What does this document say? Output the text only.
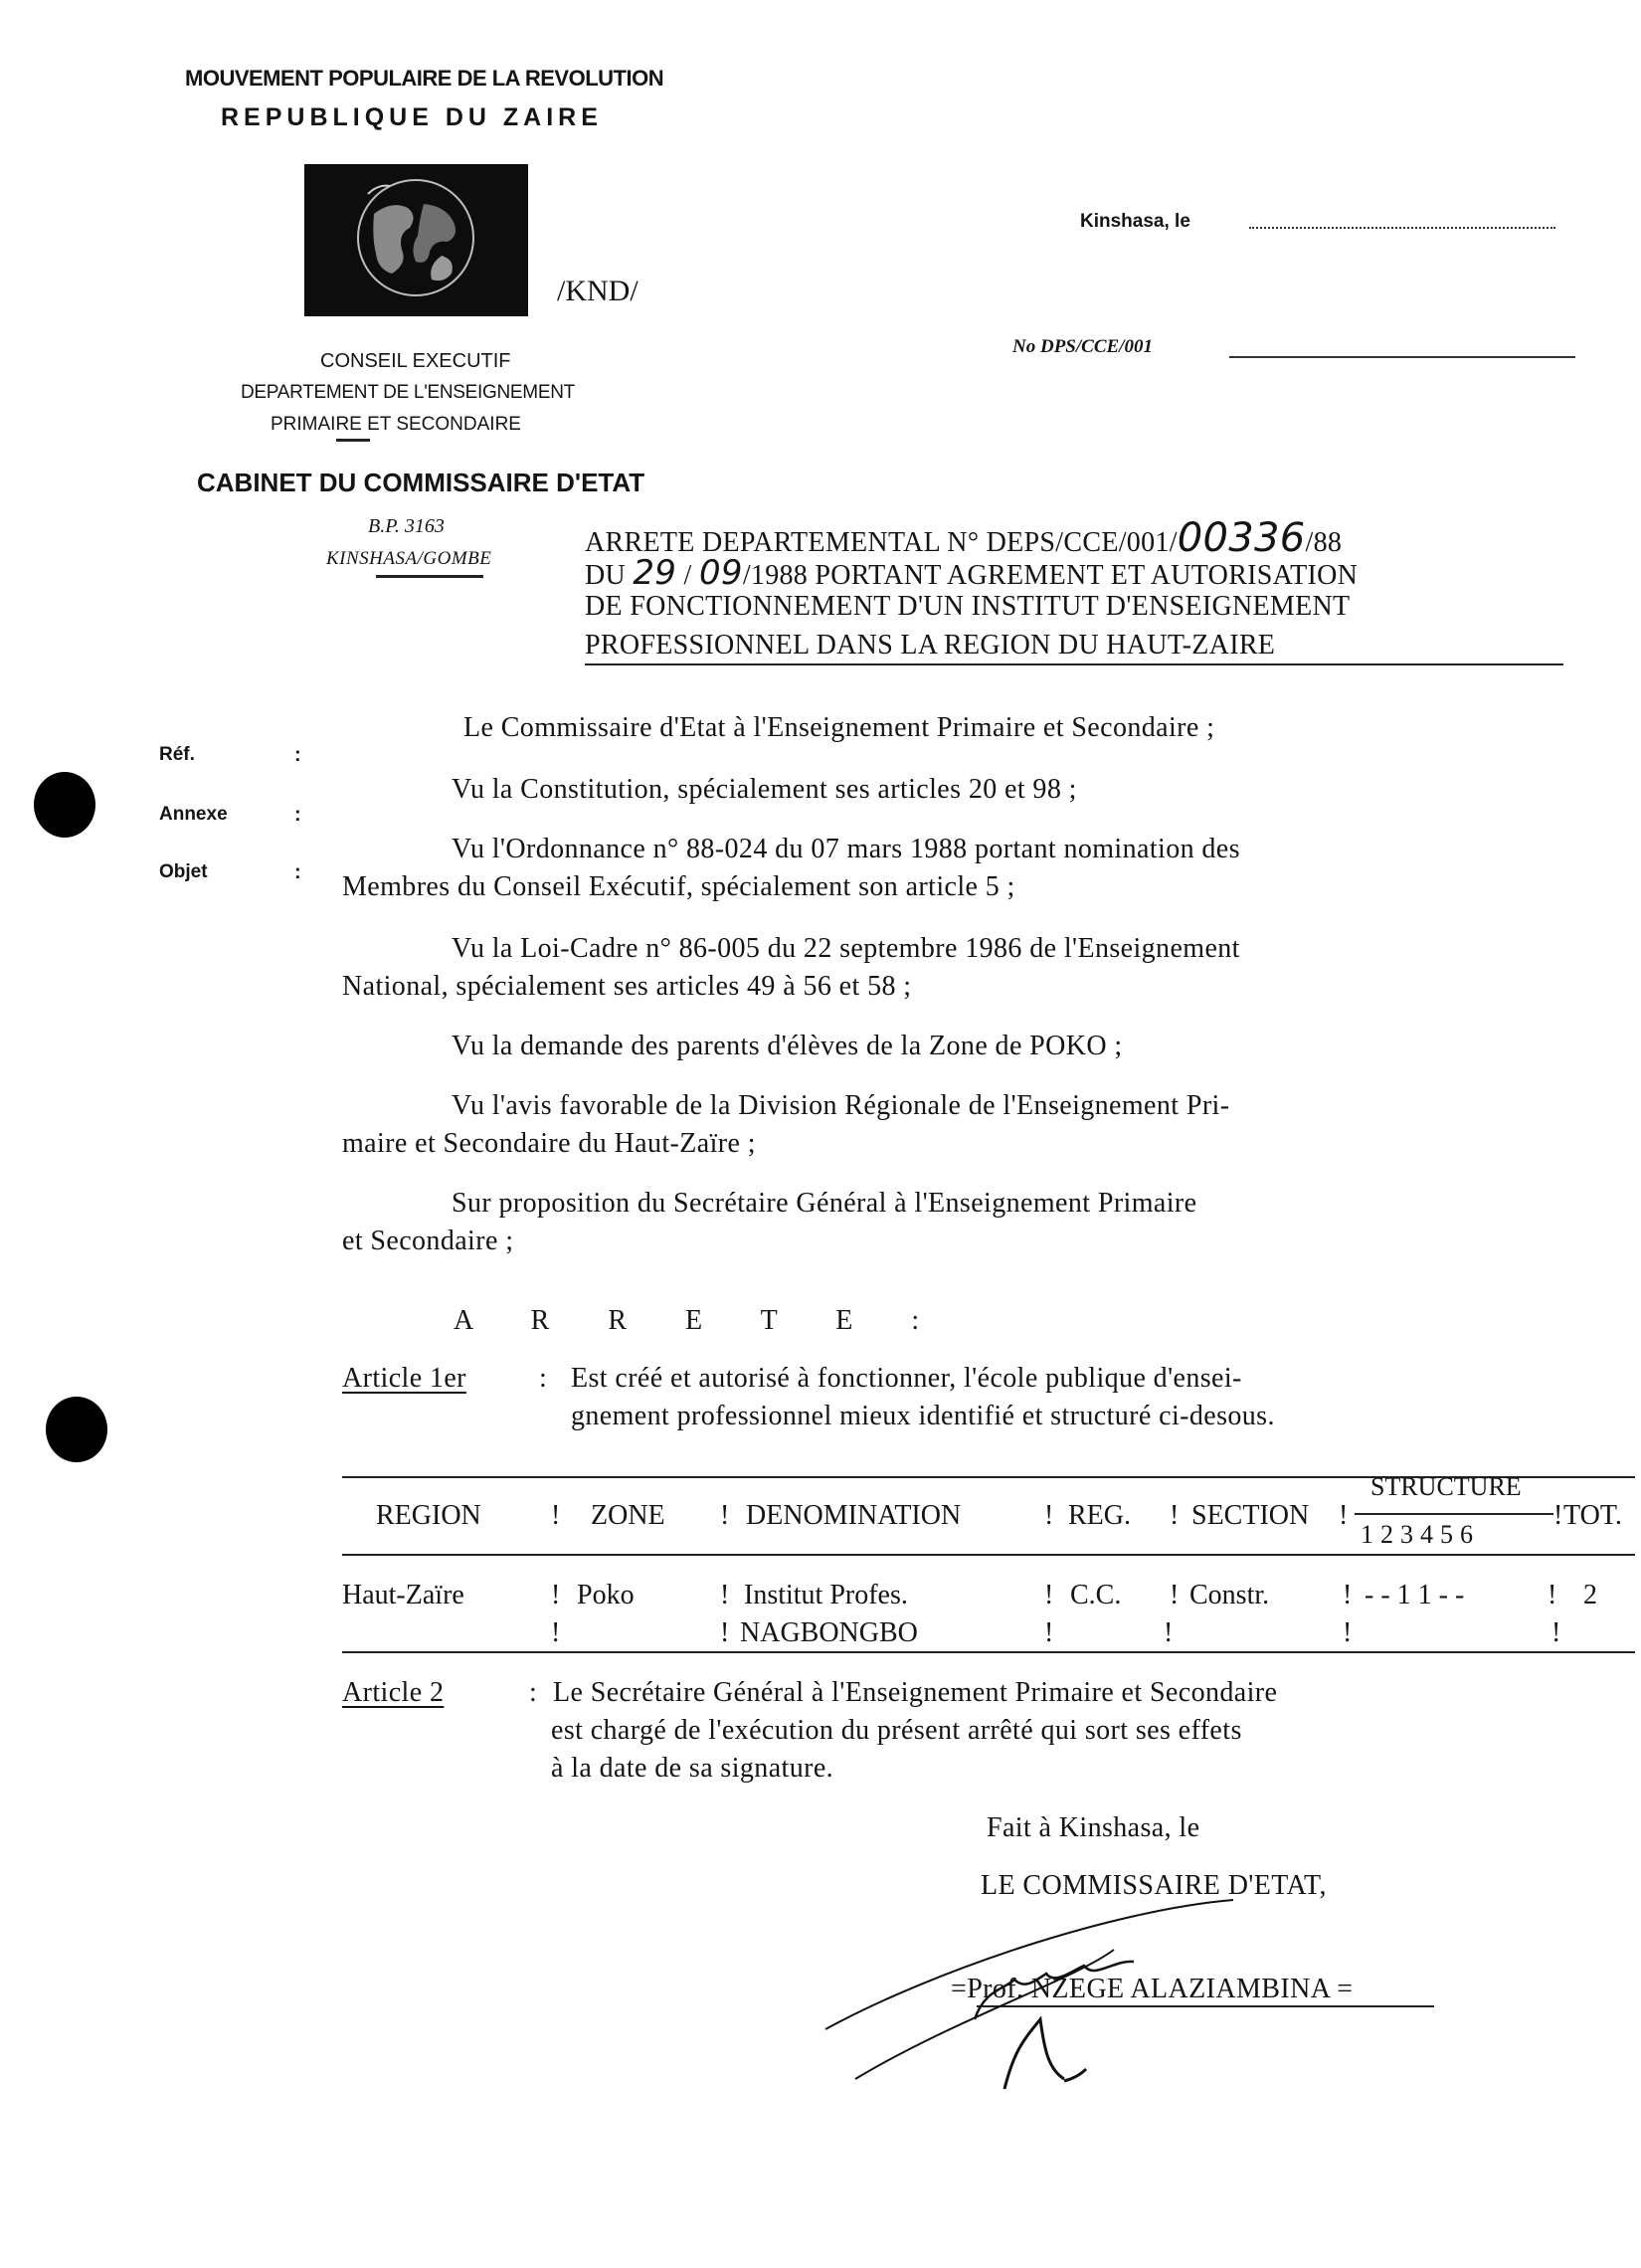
MOUVEMENT POPULAIRE DE LA REVOLUTION
REPUBLIQUE DU ZAIRE
/KND/
CONSEIL EXECUTIF
DEPARTEMENT DE L'ENSEIGNEMENT
PRIMAIRE ET SECONDAIRE
CABINET DU COMMISSAIRE D'ETAT
B.P. 3163
KINSHASA/GOMBE
Kinshasa, le
No DPS/CCE/001
ARRETE DEPARTEMENTAL N° DEPS/CCE/001/00336/88
DU 29 / 09/1988 PORTANT AGREMENT ET AUTORISATION
DE FONCTIONNEMENT D'UN INSTITUT D'ENSEIGNEMENT
PROFESSIONNEL DANS LA REGION DU HAUT-ZAIRE
Réf.
Annexe
Objet
:
:
:
Le Commissaire d'Etat à l'Enseignement Primaire et Secondaire ;
Vu la Constitution, spécialement ses articles 20 et 98 ;
Vu l'Ordonnance n° 88-024 du 07 mars 1988 portant nomination des
Membres du Conseil Exécutif, spécialement son article 5 ;
Vu la Loi-Cadre n° 86-005 du 22 septembre 1986 de l'Enseignement
National, spécialement ses articles 49 à 56 et 58 ;
Vu la demande des parents d'élèves de la Zone de POKO ;
Vu l'avis favorable de la Division Régionale de l'Enseignement Pri-
maire et Secondaire du Haut-Zaïre ;
Sur proposition du Secrétaire Général à l'Enseignement Primaire
et Secondaire ;
A R R E T E :
Article 1er	: Est créé et autorisé à fonctionner, l'école publique d'ensei-
gnement professionnel mieux identifié et structuré ci-desous.
REGION	! ZONE ! DENOMINATION	! REG. ! SECTION !
STRUCTURE
123456
! TOT.
Haut-Zaïre	! Poko	! Institut Profes.	! C.C. ! Constr.	! - - 1 1 - -	! 2
!	! NAGBONGBO	!	!	!	!
Article 2	: Le Secrétaire Général à l'Enseignement Primaire et Secondaire
est chargé de l'exécution du présent arrêté qui sort ses effets
à la date de sa signature.
Fait à Kinshasa, le
LE COMMISSAIRE D'ETAT,
=Prof. NZEGE ALAZIAMBINA =
